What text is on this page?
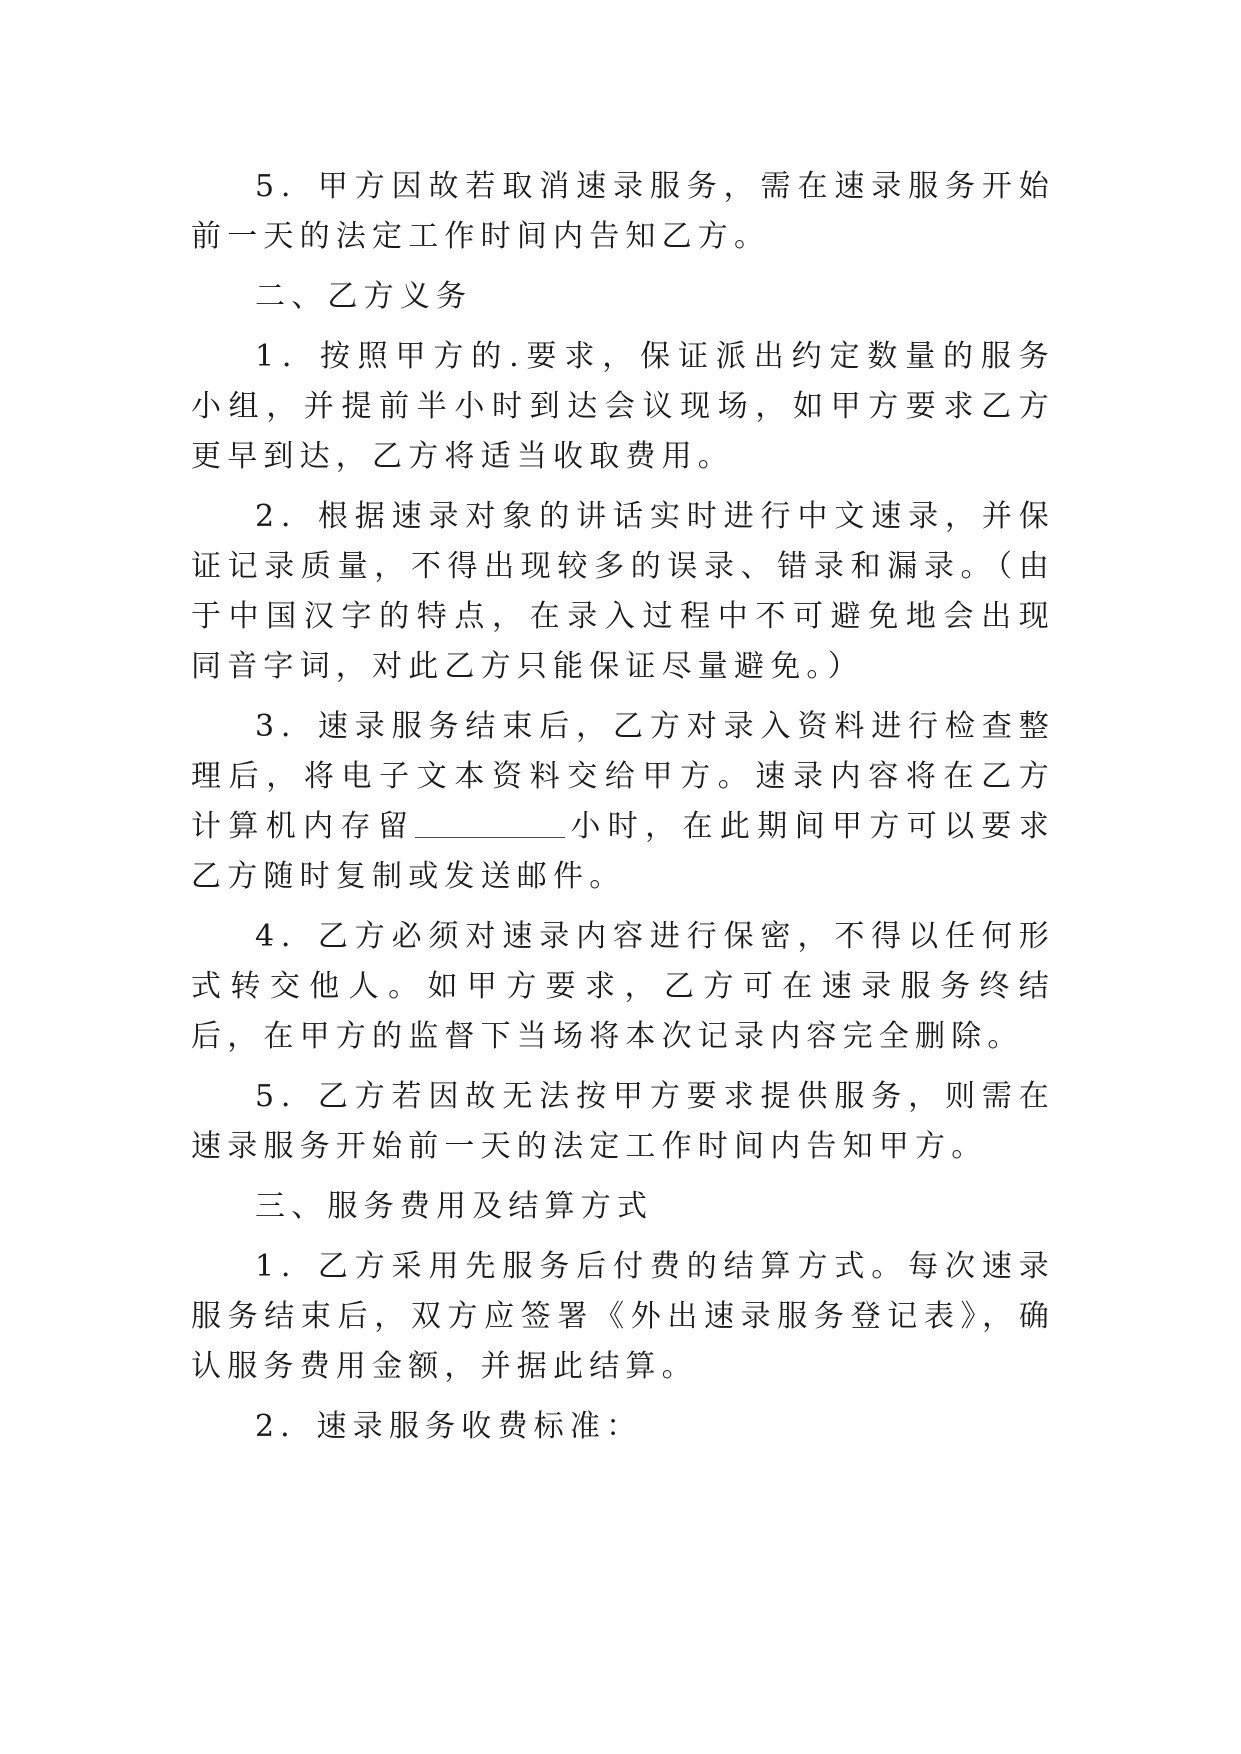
5．甲方因故若取消速录服务，需在速录服务开始前一天的法定工作时间内告知乙方。

二、乙方义务

1．按照甲方的.要求，保证派出约定数量的服务小组，并提前半小时到达会议现场，如甲方要求乙方更早到达，乙方将适当收取费用。

2．根据速录对象的讲话实时进行中文速录，并保证记录质量，不得出现较多的误录、错录和漏录。（由于中国汉字的特点，在录入过程中不可避免地会出现同音字词，对此乙方只能保证尽量避免。）

3．速录服务结束后，乙方对录入资料进行检查整理后，将电子文本资料交给甲方。速录内容将在乙方计算机内存留	小时，在此期间甲方可以要求乙方随时复制或发送邮件。

4．乙方必须对速录内容进行保密，不得以任何形式转交他人。如甲方要求，乙方可在速录服务终结后，在甲方的监督下当场将本次记录内容完全删除。

5．乙方若因故无法按甲方要求提供服务，则需在速录服务开始前一天的法定工作时间内告知甲方。

三、服务费用及结算方式

1．乙方采用先服务后付费的结算方式。每次速录服务结束后，双方应签署《外出速录服务登记表》，确认服务费用金额，并据此结算。

2．速录服务收费标准：
